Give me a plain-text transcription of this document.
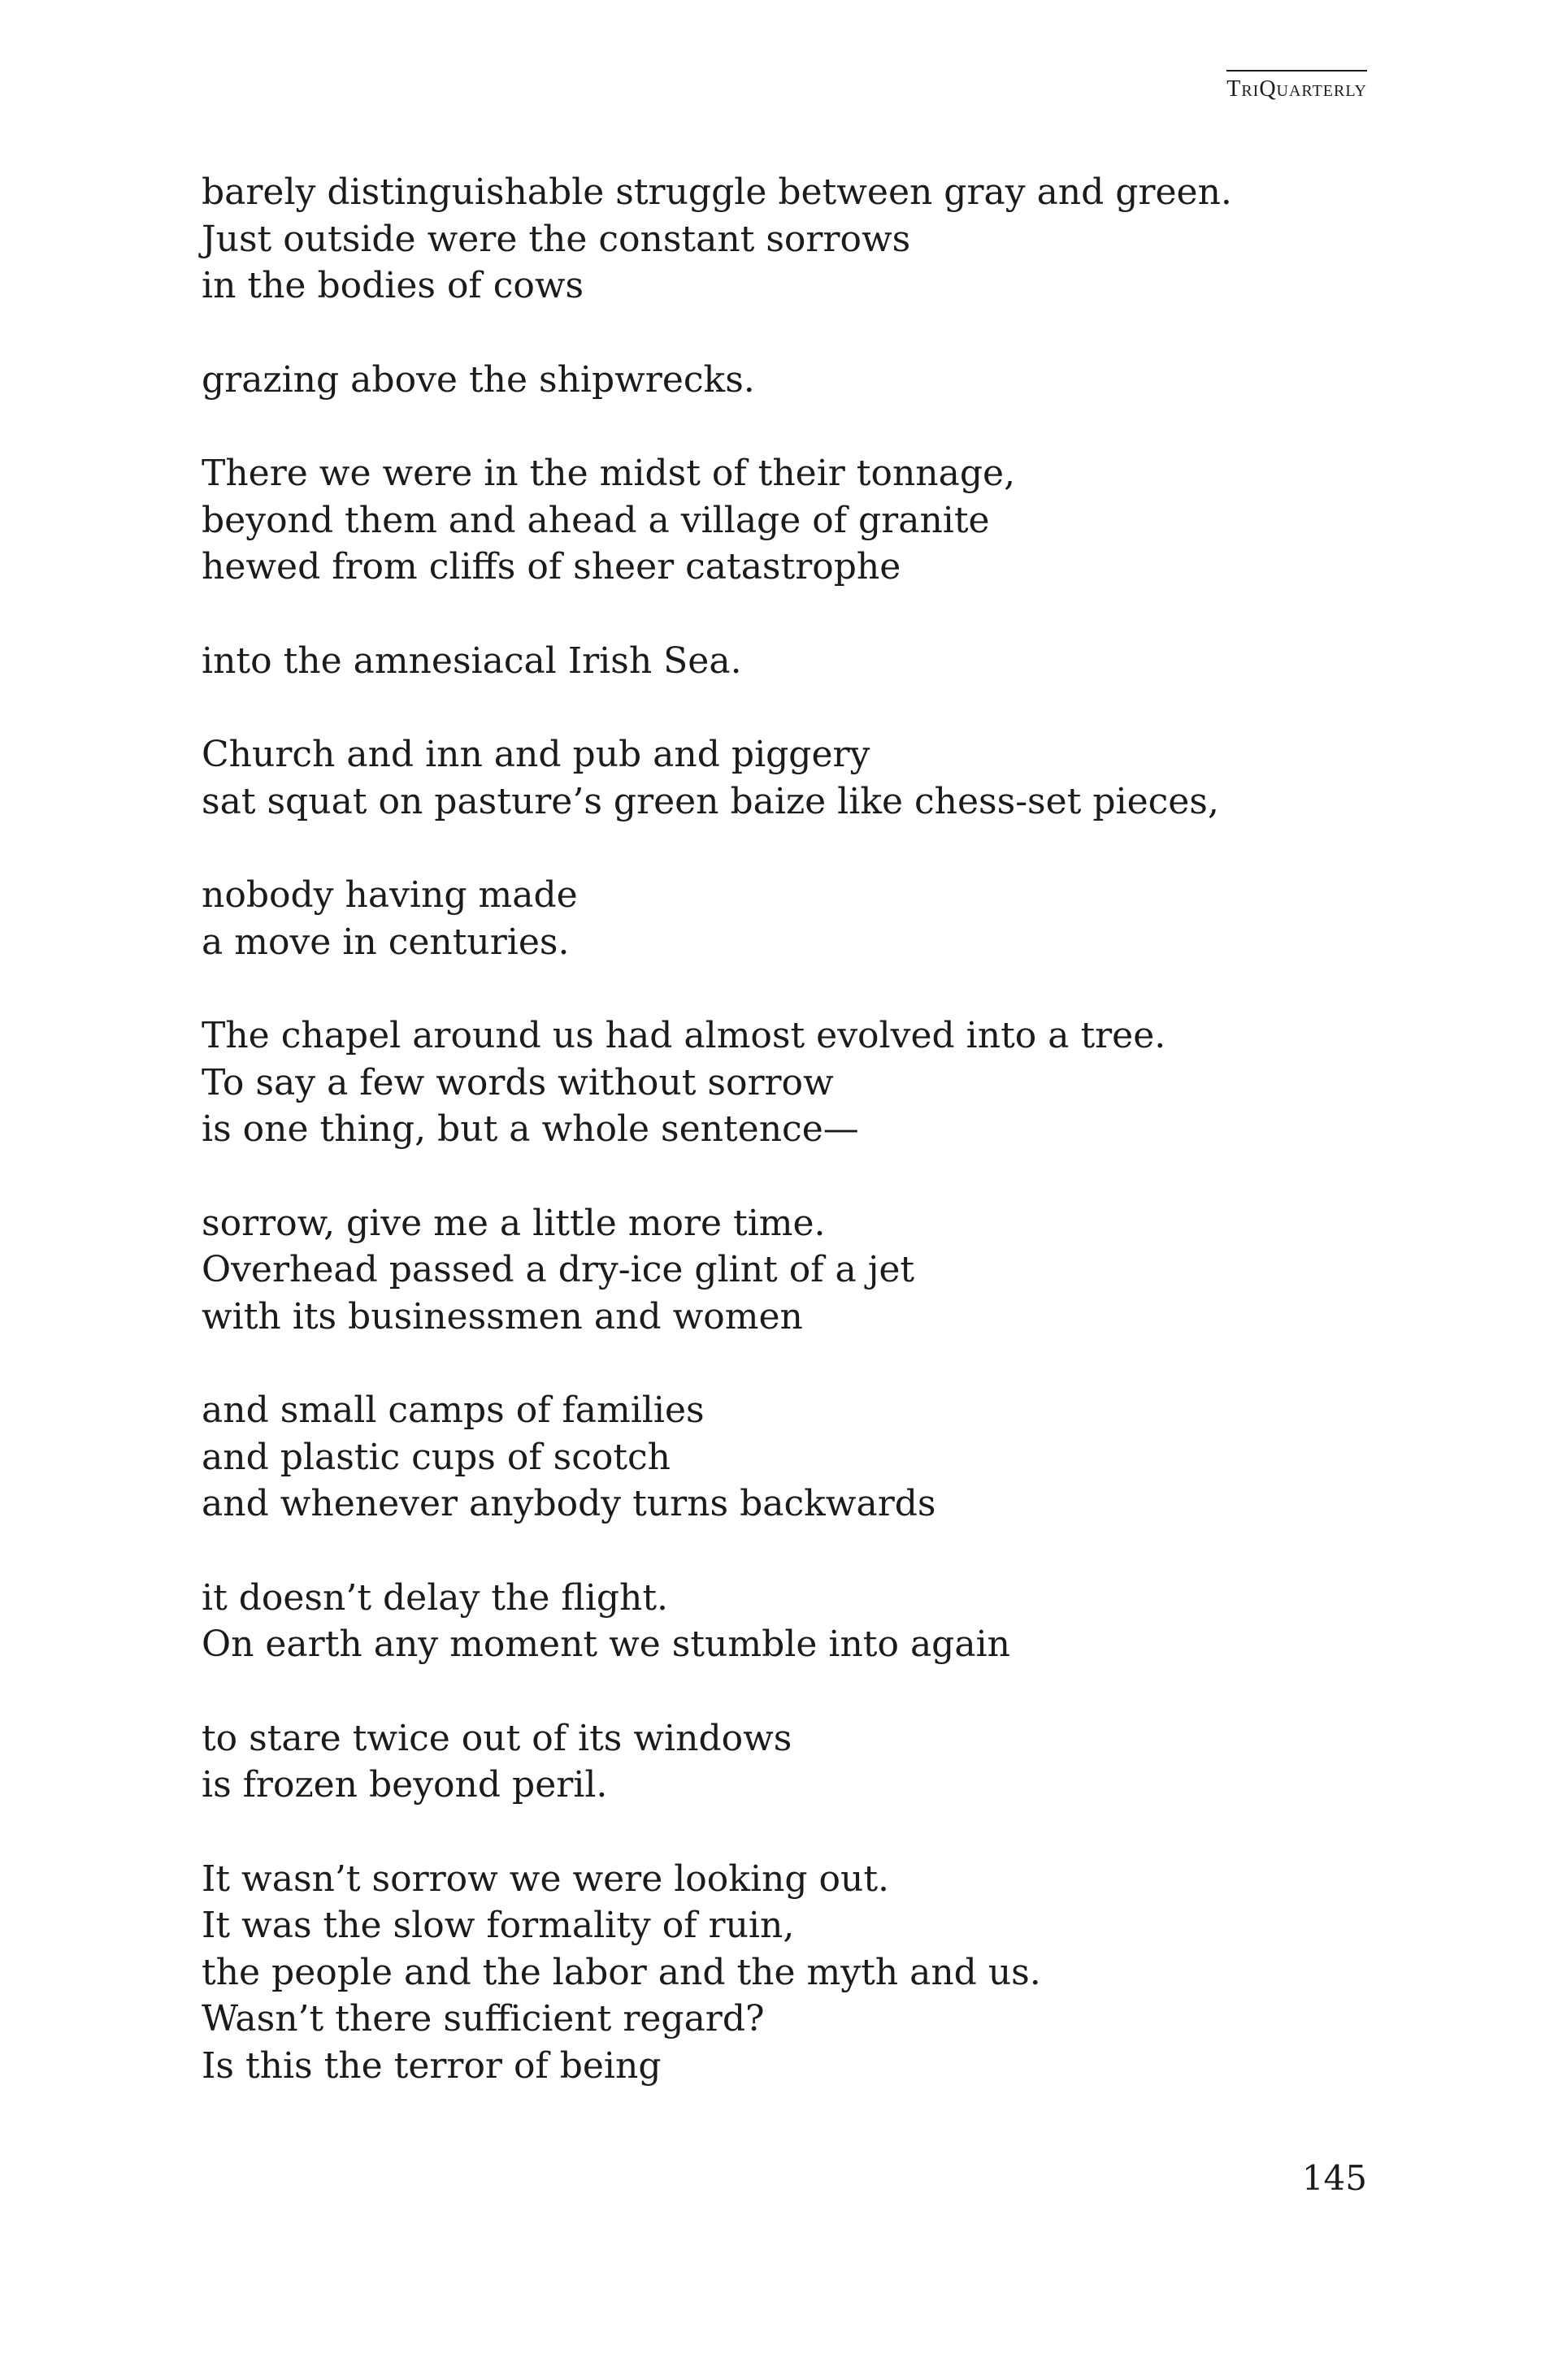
TriQuarterly
barely distinguishable struggle between gray and green.
Just outside were the constant sorrows
in the bodies of cows
grazing above the shipwrecks.
There we were in the midst of their tonnage,
beyond them and ahead a village of granite
hewed from cliffs of sheer catastrophe
into the amnesiacal Irish Sea.
Church and inn and pub and piggery
sat squat on pasture’s green baize like chess-set pieces,
nobody having made
a move in centuries.
The chapel around us had almost evolved into a tree.
To say a few words without sorrow
is one thing, but a whole sentence—
sorrow, give me a little more time.
Overhead passed a dry-ice glint of a jet
with its businessmen and women
and small camps of families
and plastic cups of scotch
and whenever anybody turns backwards
it doesn’t delay the flight.
On earth any moment we stumble into again
to stare twice out of its windows
is frozen beyond peril.
It wasn’t sorrow we were looking out.
It was the slow formality of ruin,
the people and the labor and the myth and us.
Wasn’t there sufficient regard?
Is this the terror of being
145
